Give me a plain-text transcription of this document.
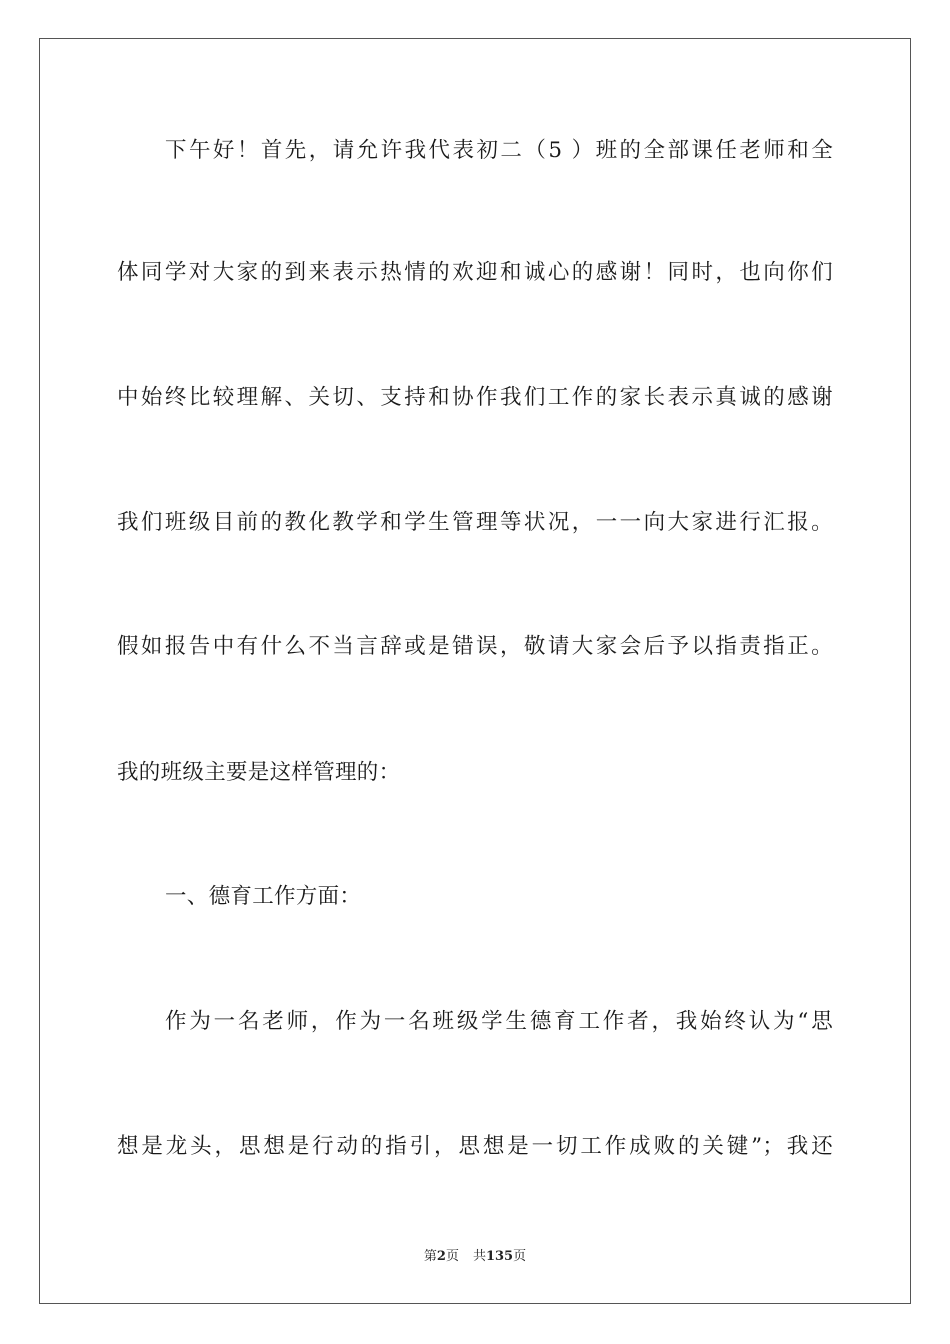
下午好！首先，请允许我代表初二（5 ）班的全部课任老师和全
体同学对大家的到来表示热情的欢迎和诚心的感谢！同时，也向你们
中始终比较理解、关切、支持和协作我们工作的家长表示真诚的感谢
我们班级目前的教化教学和学生管理等状况，一一向大家进行汇报。
假如报告中有什么不当言辞或是错误，敬请大家会后予以指责指正。
我的班级主要是这样管理的：
一、德育工作方面：
作为一名老师，作为一名班级学生德育工作者，我始终认为“思
想是龙头，思想是行动的指引，思想是一切工作成败的关键”；我还
第2页 共135页
